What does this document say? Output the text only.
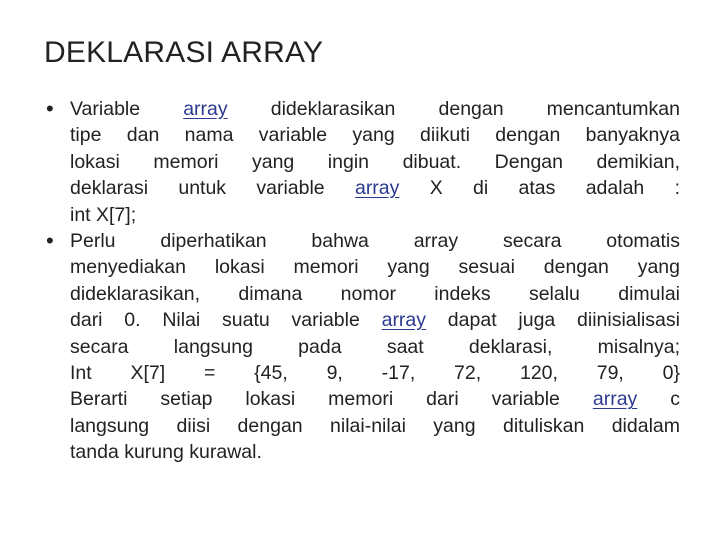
DEKLARASI ARRAY
• Variable array dideklarasikan dengan mencantumkan
tipe dan nama variable yang diikuti dengan banyaknya
lokasi memori yang ingin dibuat. Dengan demikian,
deklarasi untuk variable array X di atas adalah :
int X[7];
• Perlu diperhatikan bahwa array secara otomatis
menyediakan lokasi memori yang sesuai dengan yang
dideklarasikan, dimana nomor indeks selalu dimulai
dari 0. Nilai suatu variable array dapat juga diinisialisasi
secara langsung pada saat deklarasi, misalnya;
Int X[7] = {45, 9, -17, 72, 120, 79, 0}
Berarti setiap lokasi memori dari variable array c
langsung diisi dengan nilai-nilai yang dituliskan didalam
tanda kurung kurawal.
